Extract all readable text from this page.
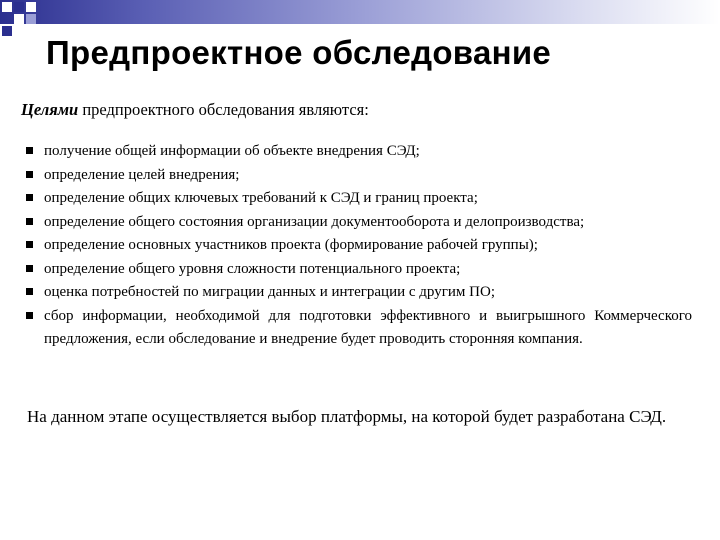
Предпроектное обследование
Целями предпроектного обследования являются:
получение общей информации об объекте внедрения СЭД;
определение целей внедрения;
определение общих ключевых требований к СЭД и границ проекта;
определение общего состояния организации документооборота и делопроизводства;
определение основных участников проекта (формирование рабочей группы);
определение общего уровня сложности потенциального проекта;
оценка потребностей по миграции данных и интеграции с другим ПО;
сбор информации, необходимой для подготовки эффективного и выигрышного Коммерческого предложения, если обследование и внедрение будет проводить сторонняя компания.
На данном этапе осуществляется выбор платформы, на которой будет разработана СЭД.
